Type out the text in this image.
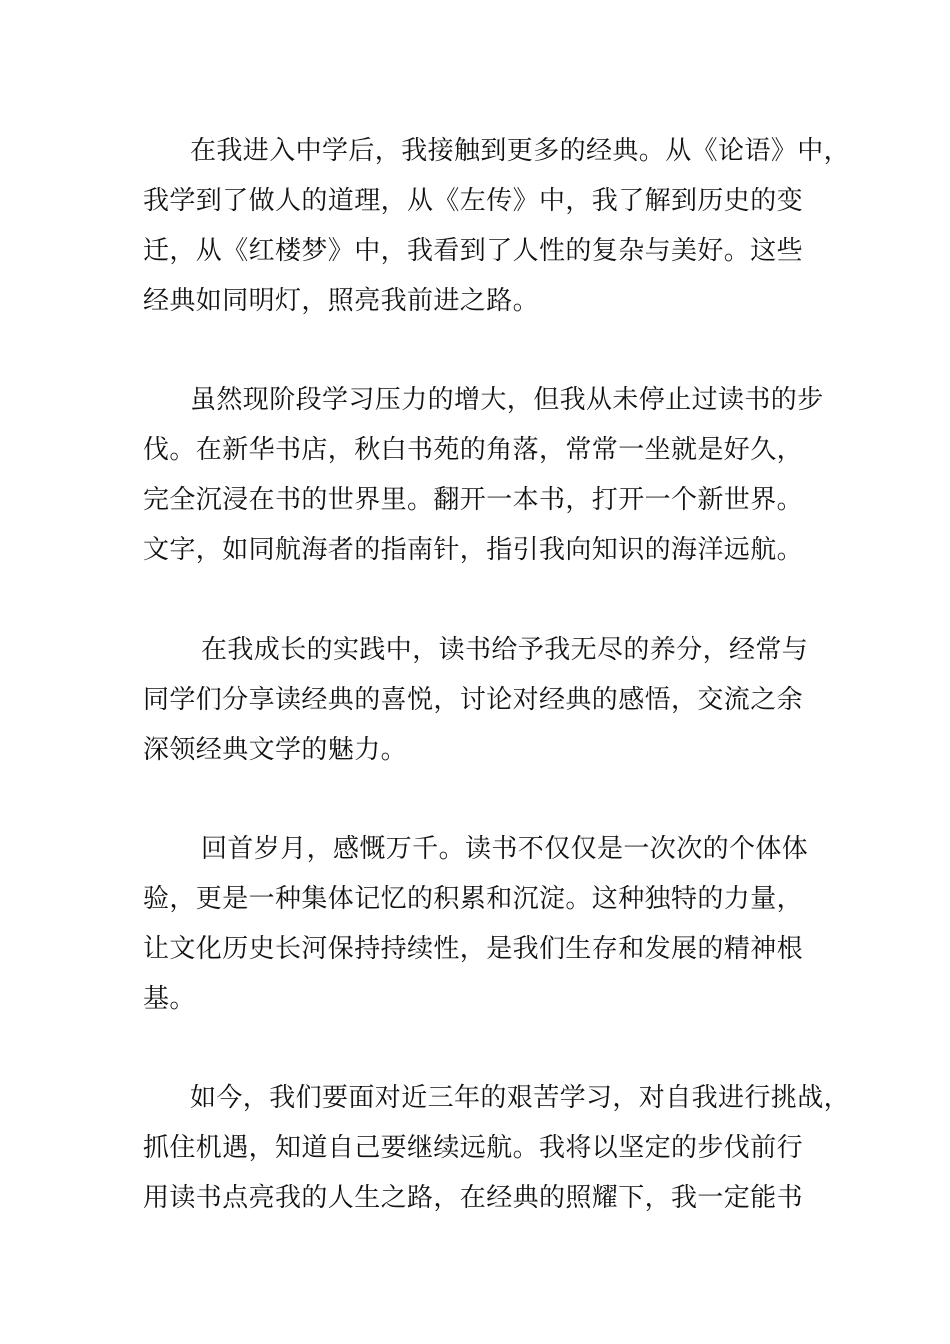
在我进入中学后，我接触到更多的经典。从《论语》中，
我学到了做人的道理，从《左传》中，我了解到历史的变
迁，从《红楼梦》中，我看到了人性的复杂与美好。这些
经典如同明灯，照亮我前进之路。
虽然现阶段学习压力的增大，但我从未停止过读书的步
伐。在新华书店，秋白书苑的角落，常常一坐就是好久，
完全沉浸在书的世界里。翻开一本书，打开一个新世界。
文字，如同航海者的指南针，指引我向知识的海洋远航。
在我成长的实践中，读书给予我无尽的养分，经常与
同学们分享读经典的喜悦，讨论对经典的感悟，交流之余
深领经典文学的魅力。
回首岁月，感慨万千。读书不仅仅是一次次的个体体
验，更是一种集体记忆的积累和沉淀。这种独特的力量，
让文化历史长河保持持续性，是我们生存和发展的精神根
基。
如今，我们要面对近三年的艰苦学习，对自我进行挑战，
抓住机遇，知道自己要继续远航。我将以坚定的步伐前行
用读书点亮我的人生之路，在经典的照耀下，我一定能书
